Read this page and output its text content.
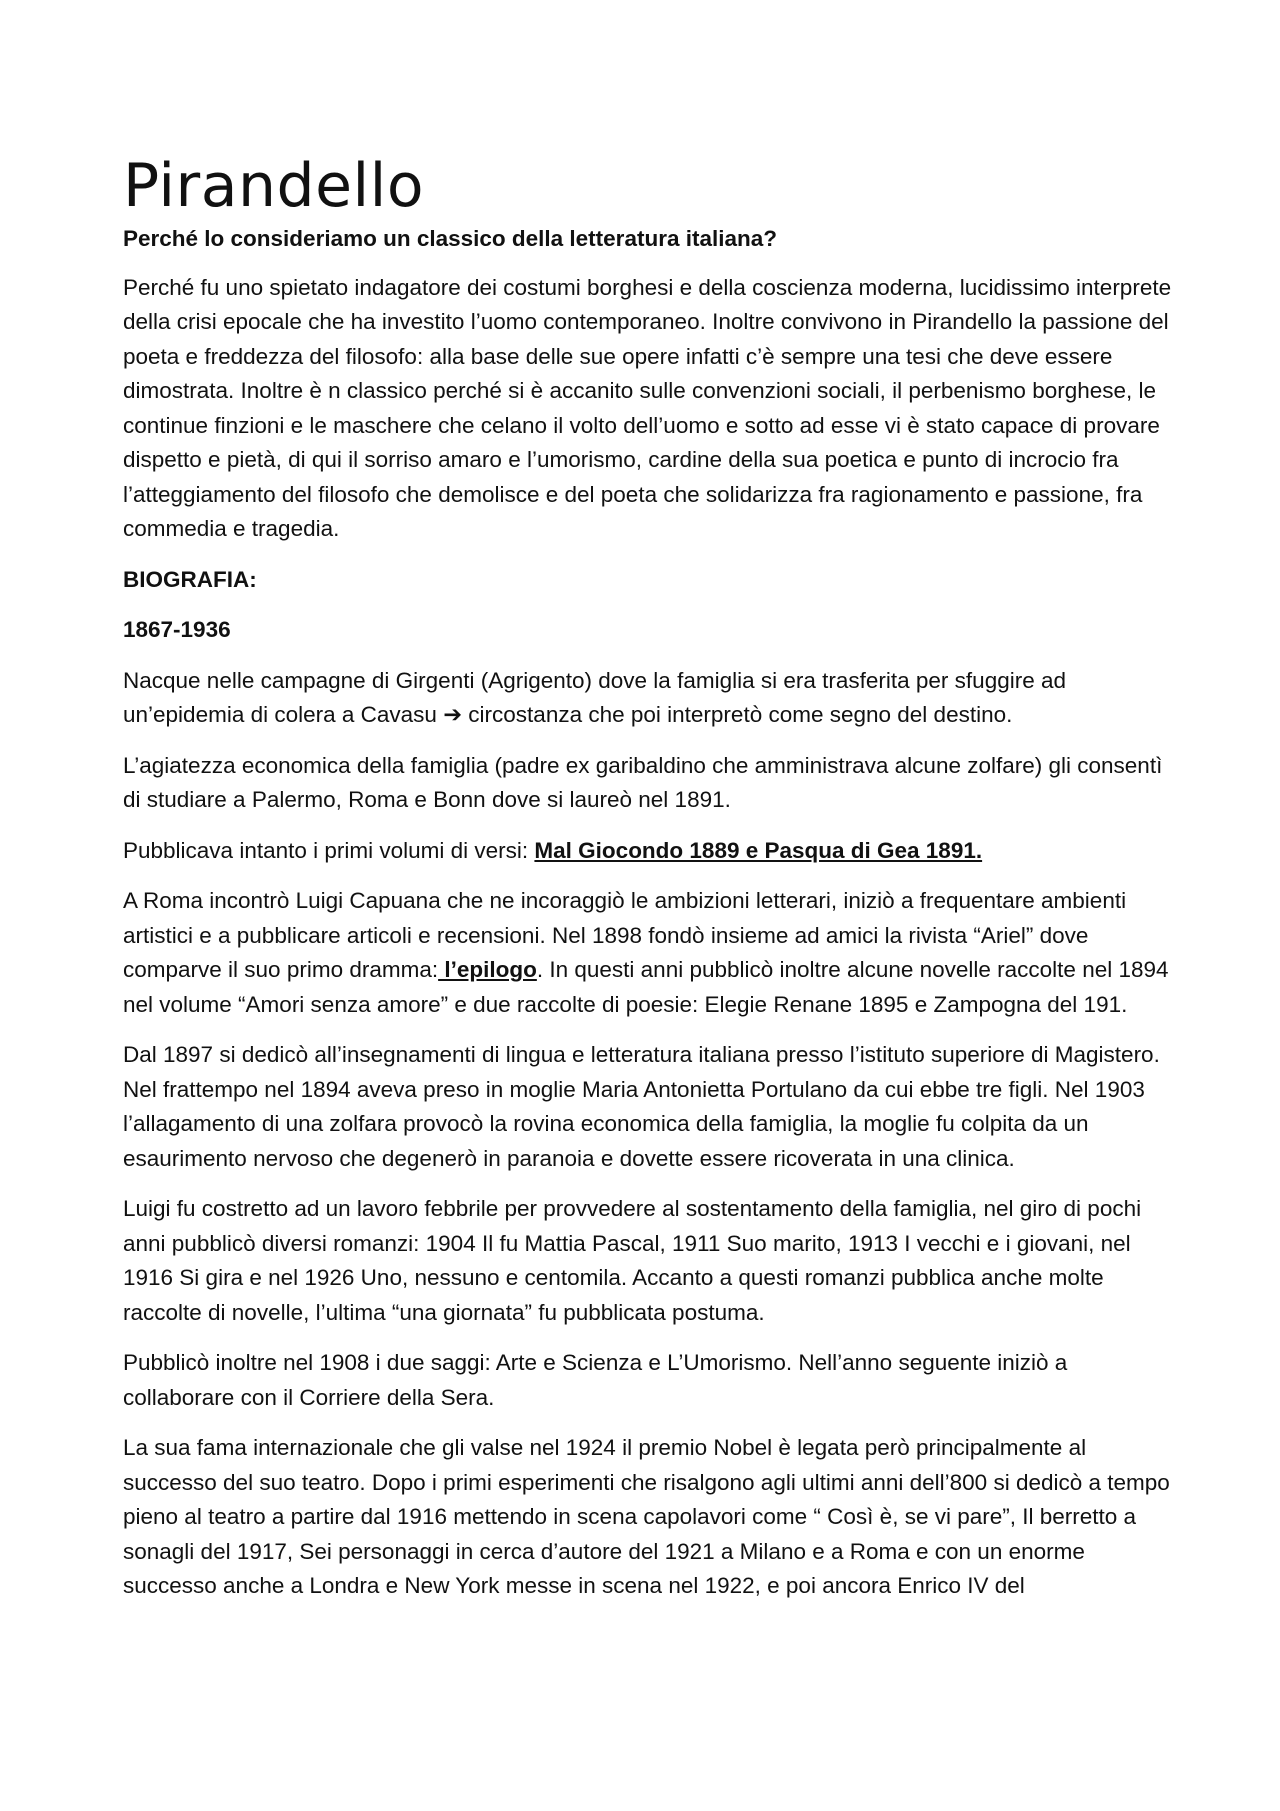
Pirandello
Perché lo consideriamo un classico della letteratura italiana?

Perché fu uno spietato indagatore dei costumi borghesi e della coscienza moderna, lucidissimo interprete della crisi epocale che ha investito l’uomo contemporaneo. Inoltre convivono in Pirandello la passione del poeta e freddezza del filosofo: alla base delle sue opere infatti c’è sempre una tesi che deve essere dimostrata. Inoltre è n classico perché si è accanito sulle convenzioni sociali, il perbenismo borghese, le continue finzioni e le maschere che celano il volto dell’uomo e sotto ad esse vi è stato capace di provare dispetto e pietà, di qui il sorriso amaro e l’umorismo, cardine della sua poetica e punto di incrocio fra l’atteggiamento del filosofo che demolisce e del poeta che solidarizza fra ragionamento e passione, fra commedia e tragedia.

BIOGRAFIA:
1867-1936

Nacque nelle campagne di Girgenti (Agrigento) dove la famiglia si era trasferita per sfuggire ad un’epidemia di colera a Cavasu ➔ circostanza che poi interpretò come segno del destino.

L’agiatezza economica della famiglia (padre ex garibaldino che amministrava alcune zolfare) gli consentì di studiare a Palermo, Roma e Bonn dove si laureò nel 1891.

Pubblicava intanto i primi volumi di versi: Mal Giocondo 1889 e Pasqua di Gea 1891.

A Roma incontrò Luigi Capuana che ne incoraggiò le ambizioni letterari, iniziò a frequentare ambienti artistici e a pubblicare articoli e recensioni. Nel 1898 fondò insieme ad amici la rivista “Ariel” dove comparve il suo primo dramma: l’epilogo. In questi anni pubblicò inoltre alcune novelle raccolte nel 1894 nel volume “Amori senza amore” e due raccolte di poesie: Elegie Renane 1895 e Zampogna del 191.

Dal 1897 si dedicò all’insegnamenti di lingua e letteratura italiana presso l’istituto superiore di Magistero. Nel frattempo nel 1894 aveva preso in moglie Maria Antonietta Portulano da cui ebbe tre figli. Nel 1903 l’allagamento di una zolfara provocò la rovina economica della famiglia, la moglie fu colpita da un esaurimento nervoso che degenerò in paranoia e dovette essere ricoverata in una clinica.

Luigi fu costretto ad un lavoro febbrile per provvedere al sostentamento della famiglia, nel giro di pochi anni pubblicò diversi romanzi: 1904 Il fu Mattia Pascal, 1911 Suo marito, 1913 I vecchi e i giovani, nel 1916 Si gira e nel 1926 Uno, nessuno e centomila. Accanto a questi romanzi pubblica anche molte raccolte di novelle, l’ultima “una giornata” fu pubblicata postuma.

Pubblicò inoltre nel 1908 i due saggi: Arte e Scienza e L’Umorismo. Nell’anno seguente iniziò a collaborare con il Corriere della Sera.

La sua fama internazionale che gli valse nel 1924 il premio Nobel è legata però principalmente al successo del suo teatro. Dopo i primi esperimenti che risalgono agli ultimi anni dell’800 si dedicò a tempo pieno al teatro a partire dal 1916 mettendo in scena capolavori come “ Così è, se vi pare”, Il berretto a sonagli del 1917, Sei personaggi in cerca d’autore del 1921 a Milano e a Roma e con un enorme successo anche a Londra e New York messe in scena nel 1922, e poi ancora Enrico IV del
